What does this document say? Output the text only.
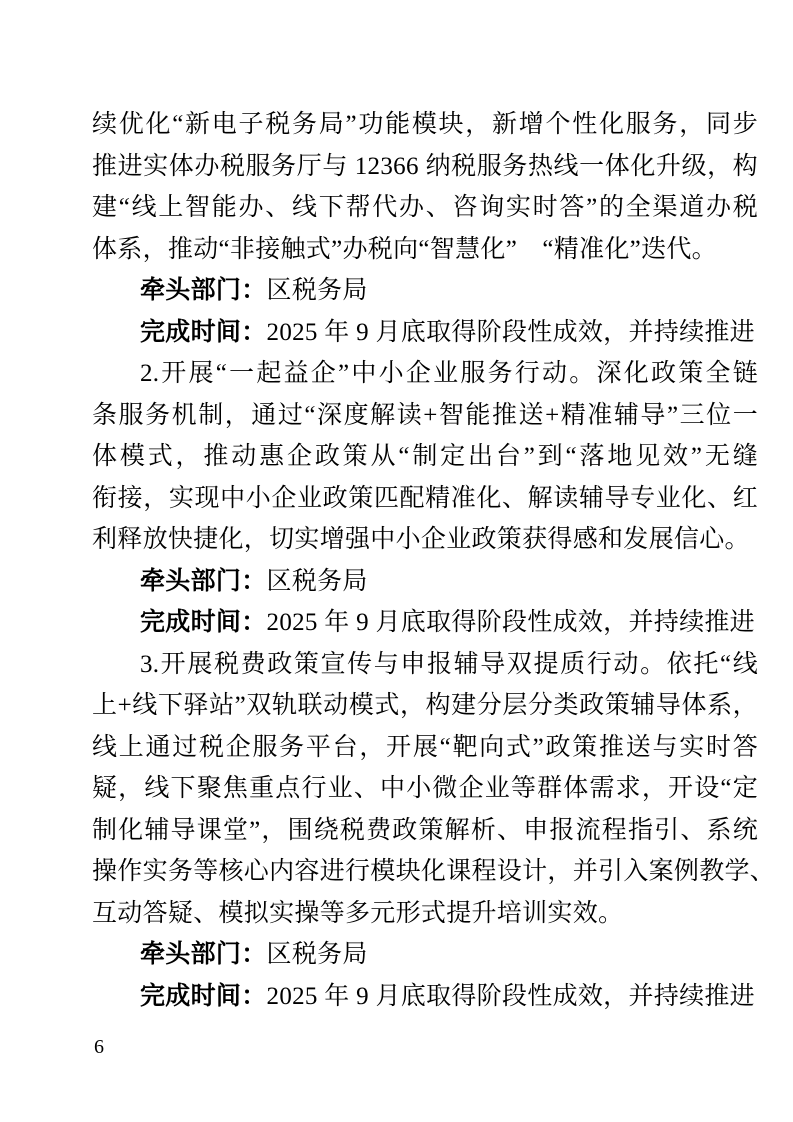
续优化“新电子税务局”功能模块，新增个性化服务，同步
推进实体办税服务厅与 12366 纳税服务热线一体化升级，构
建“线上智能办、线下帮代办、咨询实时答”的全渠道办税
体系，推动“非接触式”办税向“智慧化”　“精准化”迭代。
牵头部门：区税务局
完成时间：2025 年 9 月底取得阶段性成效，并持续推进
2.开展“一起益企”中小企业服务行动。深化政策全链
条服务机制，通过“深度解读+智能推送+精准辅导”三位一
体模式，推动惠企政策从“制定出台”到“落地见效”无缝
衔接，实现中小企业政策匹配精准化、解读辅导专业化、红
利释放快捷化，切实增强中小企业政策获得感和发展信心。
牵头部门：区税务局
完成时间：2025 年 9 月底取得阶段性成效，并持续推进
3.开展税费政策宣传与申报辅导双提质行动。依托“线
上+线下驿站”双轨联动模式，构建分层分类政策辅导体系，
线上通过税企服务平台，开展“靶向式”政策推送与实时答
疑，线下聚焦重点行业、中小微企业等群体需求，开设“定
制化辅导课堂”，围绕税费政策解析、申报流程指引、系统
操作实务等核心内容进行模块化课程设计，并引入案例教学、
互动答疑、模拟实操等多元形式提升培训实效。
牵头部门：区税务局
完成时间：2025 年 9 月底取得阶段性成效，并持续推进
6
